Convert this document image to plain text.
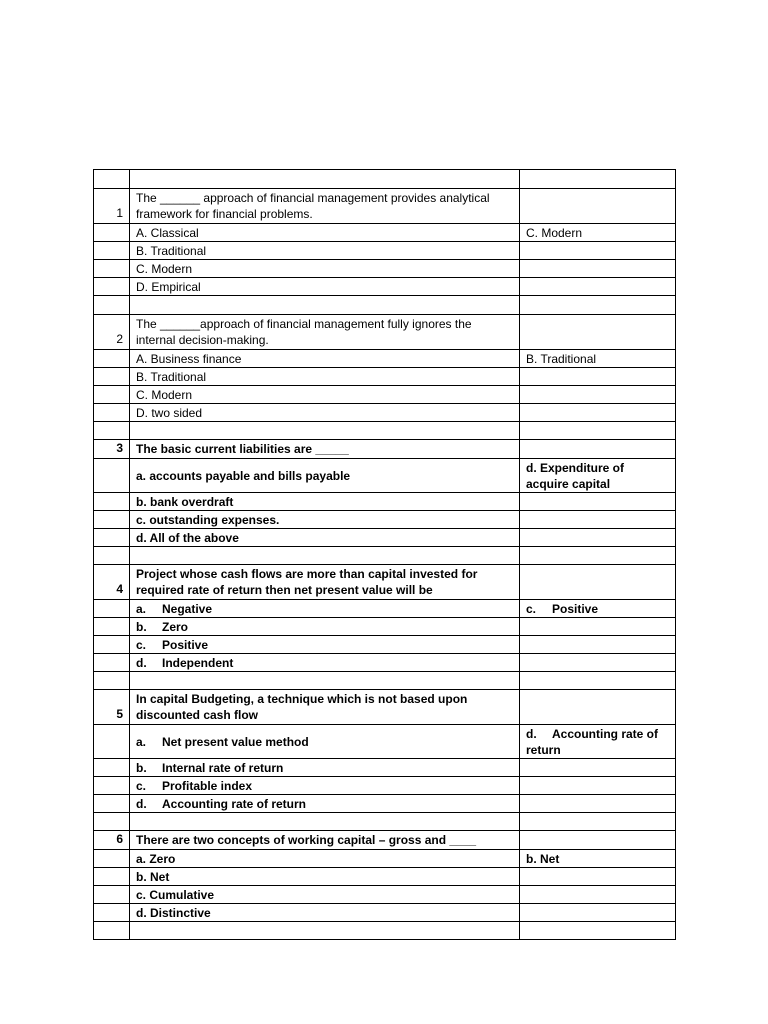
1	The ______ approach of financial management provides analytical framework for financial problems.	
	A. Classical	C. Modern
	B. Traditional	
	C. Modern	
	D. Empirical	

2	The ______approach of financial management fully ignores the internal decision-making.	
	A. Business finance	B. Traditional
	B. Traditional	
	C. Modern	
	D. two sided	

3	The basic current liabilities are _____	
	a. accounts payable and bills payable	d. Expenditure of acquire capital
	b. bank overdraft	
	c. outstanding expenses.	
	d. All of the above	

4	Project whose cash flows are more than capital invested for required rate of return then net present value will be	
	a. Negative	c. Positive
	b. Zero	
	c. Positive	
	d. Independent	

5	In capital Budgeting, a technique which is not based upon discounted cash flow	
	a. Net present value method	d. Accounting rate of return
	b. Internal rate of return	
	c. Profitable index	
	d. Accounting rate of return	

6	There are two concepts of working capital – gross and ____	
	a. Zero	b. Net
	b. Net	
	c. Cumulative	
	d. Distinctive	
